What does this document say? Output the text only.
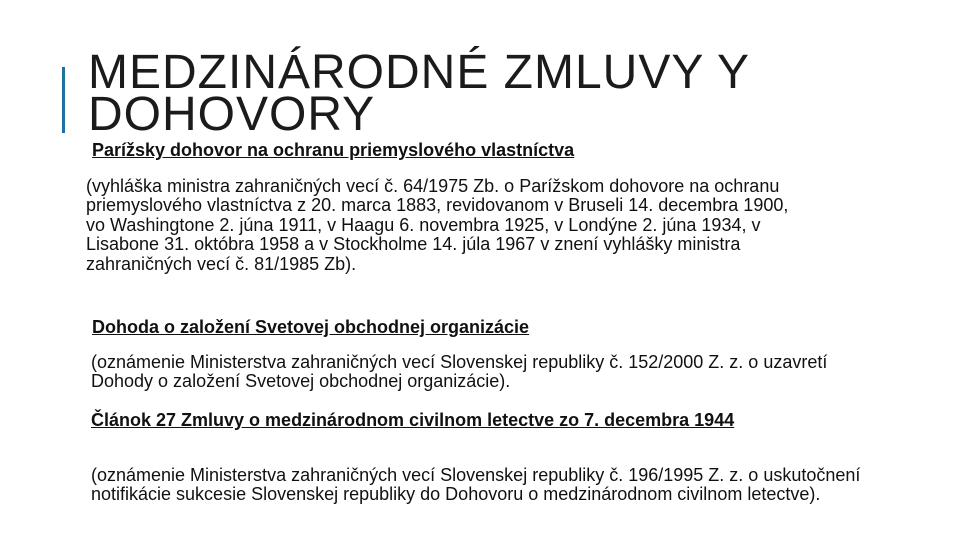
MEDZINÁRODNÉ ZMLUVY Y DOHOVORY
Parížsky dohovor na ochranu priemyslového vlastníctva
(vyhláška ministra zahraničných vecí č. 64/1975 Zb. o Parížskom dohovore na ochranu priemyslového vlastníctva z 20. marca 1883, revidovanom v Bruseli 14. decembra 1900, vo Washingtone 2. júna 1911, v Haagu 6. novembra 1925, v Londýne 2. júna 1934, v Lisabone 31. októbra 1958 a v Stockholme 14. júla 1967 v znení vyhlášky ministra zahraničných vecí č. 81/1985 Zb).
Dohoda o založení Svetovej obchodnej organizácie
(oznámenie Ministerstva zahraničných vecí Slovenskej republiky č. 152/2000 Z. z. o uzavretí Dohody o založení Svetovej obchodnej organizácie).
Článok 27 Zmluvy o medzinárodnom civilnom letectve zo 7. decembra 1944
(oznámenie Ministerstva zahraničných vecí Slovenskej republiky č. 196/1995 Z. z. o uskutočnení notifikácie sukcesie Slovenskej republiky do Dohovoru o medzinárodnom civilnom letectve).
